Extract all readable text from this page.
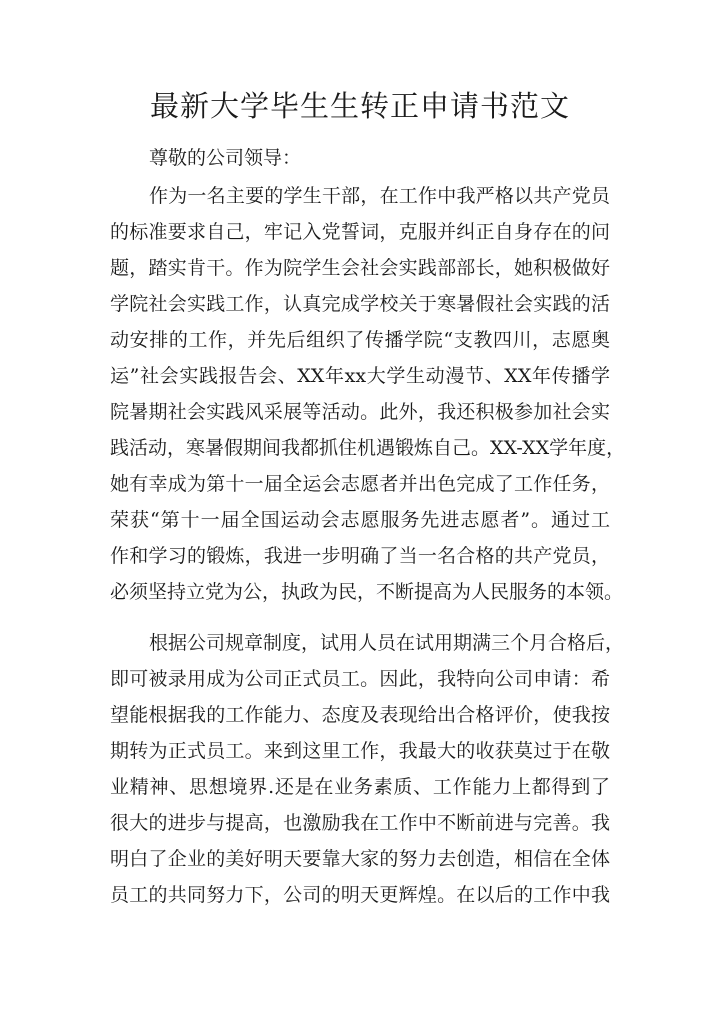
最新大学毕生生转正申请书范文
尊敬的公司领导：
作为一名主要的学生干部，在工作中我严格以共产党员
的标准要求自己，牢记入党誓词，克服并纠正自身存在的问
题，踏实肯干。作为院学生会社会实践部部长，她积极做好
学院社会实践工作，认真完成学校关于寒暑假社会实践的活
动安排的工作，并先后组织了传播学院“支教四川，志愿奥
运”社会实践报告会、XX年xx大学生动漫节、XX年传播学
院暑期社会实践风采展等活动。此外，我还积极参加社会实
践活动，寒暑假期间我都抓住机遇锻炼自己。XX-XX学年度，
她有幸成为第十一届全运会志愿者并出色完成了工作任务，
荣获“第十一届全国运动会志愿服务先进志愿者”。通过工
作和学习的锻炼，我进一步明确了当一名合格的共产党员，
必须坚持立党为公，执政为民，不断提高为人民服务的本领。
根据公司规章制度，试用人员在试用期满三个月合格后，
即可被录用成为公司正式员工。因此，我特向公司申请：希
望能根据我的工作能力、态度及表现给出合格评价，使我按
期转为正式员工。来到这里工作，我最大的收获莫过于在敬
业精神、思想境界.还是在业务素质、工作能力上都得到了
很大的进步与提高，也激励我在工作中不断前进与完善。我
明白了企业的美好明天要靠大家的努力去创造，相信在全体
员工的共同努力下，公司的明天更辉煌。在以后的工作中我
